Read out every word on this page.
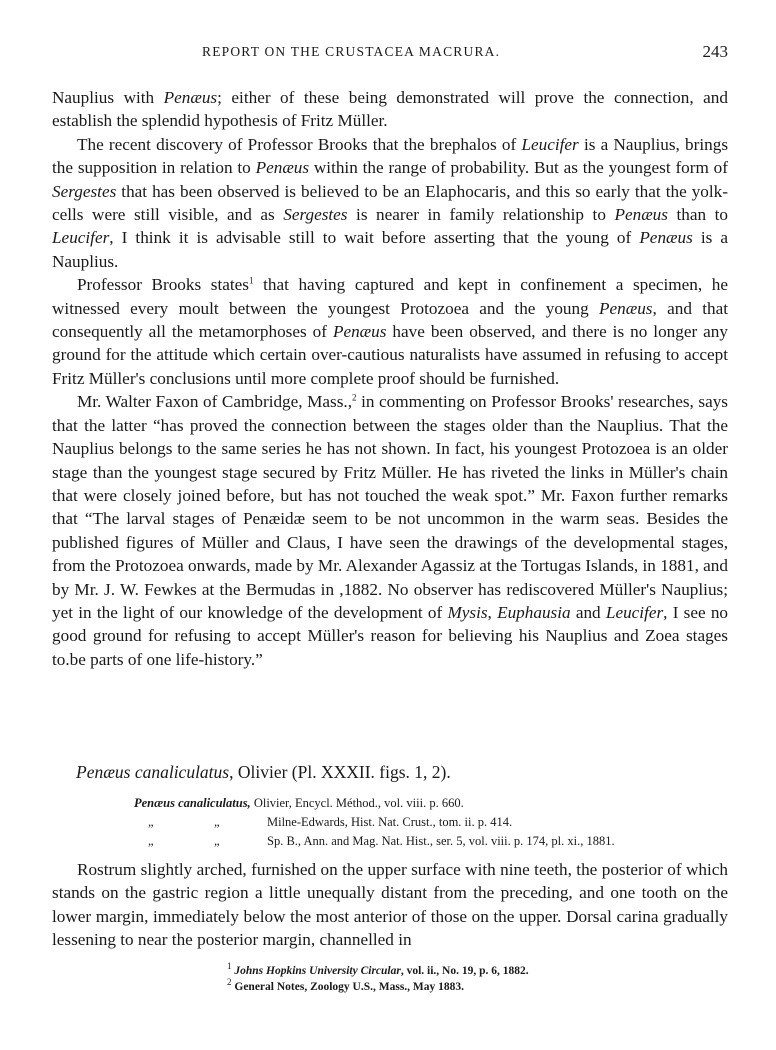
REPORT ON THE CRUSTACEA MACRURA.	243

Nauplius with Penæus; either of these being demonstrated will prove the connection, and establish the splendid hypothesis of Fritz Müller.

The recent discovery of Professor Brooks that the brephalos of Leucifer is a Nauplius, brings the supposition in relation to Penæus within the range of probability. But as the youngest form of Sergestes that has been observed is believed to be an Elaphocaris, and this so early that the yolk-cells were still visible, and as Sergestes is nearer in family relationship to Penæus than to Leucifer, I think it is advisable still to wait before asserting that the young of Penæus is a Nauplius.

Professor Brooks states$^1$ that having captured and kept in confinement a specimen, he witnessed every moult between the youngest Protozoea and the young Penæus, and that consequently all the metamorphoses of Penæus have been observed, and there is no longer any ground for the attitude which certain over-cautious naturalists have assumed in refusing to accept Fritz Müller's conclusions until more complete proof should be furnished.

Mr. Walter Faxon of Cambridge, Mass.,$^2$ in commenting on Professor Brooks' researches, says that the latter “has proved the connection between the stages older than the Nauplius. That the Nauplius belongs to the same series he has not shown. In fact, his youngest Protozoea is an older stage than the youngest stage secured by Fritz Müller. He has riveted the links in Müller's chain that were closely joined before, but has not touched the weak spot.” Mr. Faxon further remarks that “The larval stages of Penæidæ seem to be not uncommon in the warm seas. Besides the published figures of Müller and Claus, I have seen the drawings of the developmental stages, from the Protozoea onwards, made by Mr. Alexander Agassiz at the Tortugas Islands, in 1881, and by Mr. J. W. Fewkes at the Bermudas in ,1882. No observer has rediscovered Müller's Nauplius; yet in the light of our knowledge of the development of Mysis, Euphausia and Leucifer, I see no good ground for refusing to accept Müller's reason for believing his Nauplius and Zoea stages to.be parts of one life-history.”

Penæus canaliculatus, Olivier (Pl. XXXII. figs. 1, 2).
Penæus canaliculatus, Olivier, Encycl. Méthod., vol. viii. p. 660.
„	„	Milne-Edwards, Hist. Nat. Crust., tom. ii. p. 414.
„	„	Sp. B., Ann. and Mag. Nat. Hist., ser. 5, vol. viii. p. 174, pl. xi., 1881.

Rostrum slightly arched, furnished on the upper surface with nine teeth, the posterior of which stands on the gastric region a little unequally distant from the preceding, and one tooth on the lower margin, immediately below the most anterior of those on the upper. Dorsal carina gradually lessening to near the posterior margin, channelled in

$^1$ Johns Hopkins University Circular, vol. ii., No. 19, p. 6, 1882.
$^2$ General Notes, Zoology U.S., Mass., May 1883.
